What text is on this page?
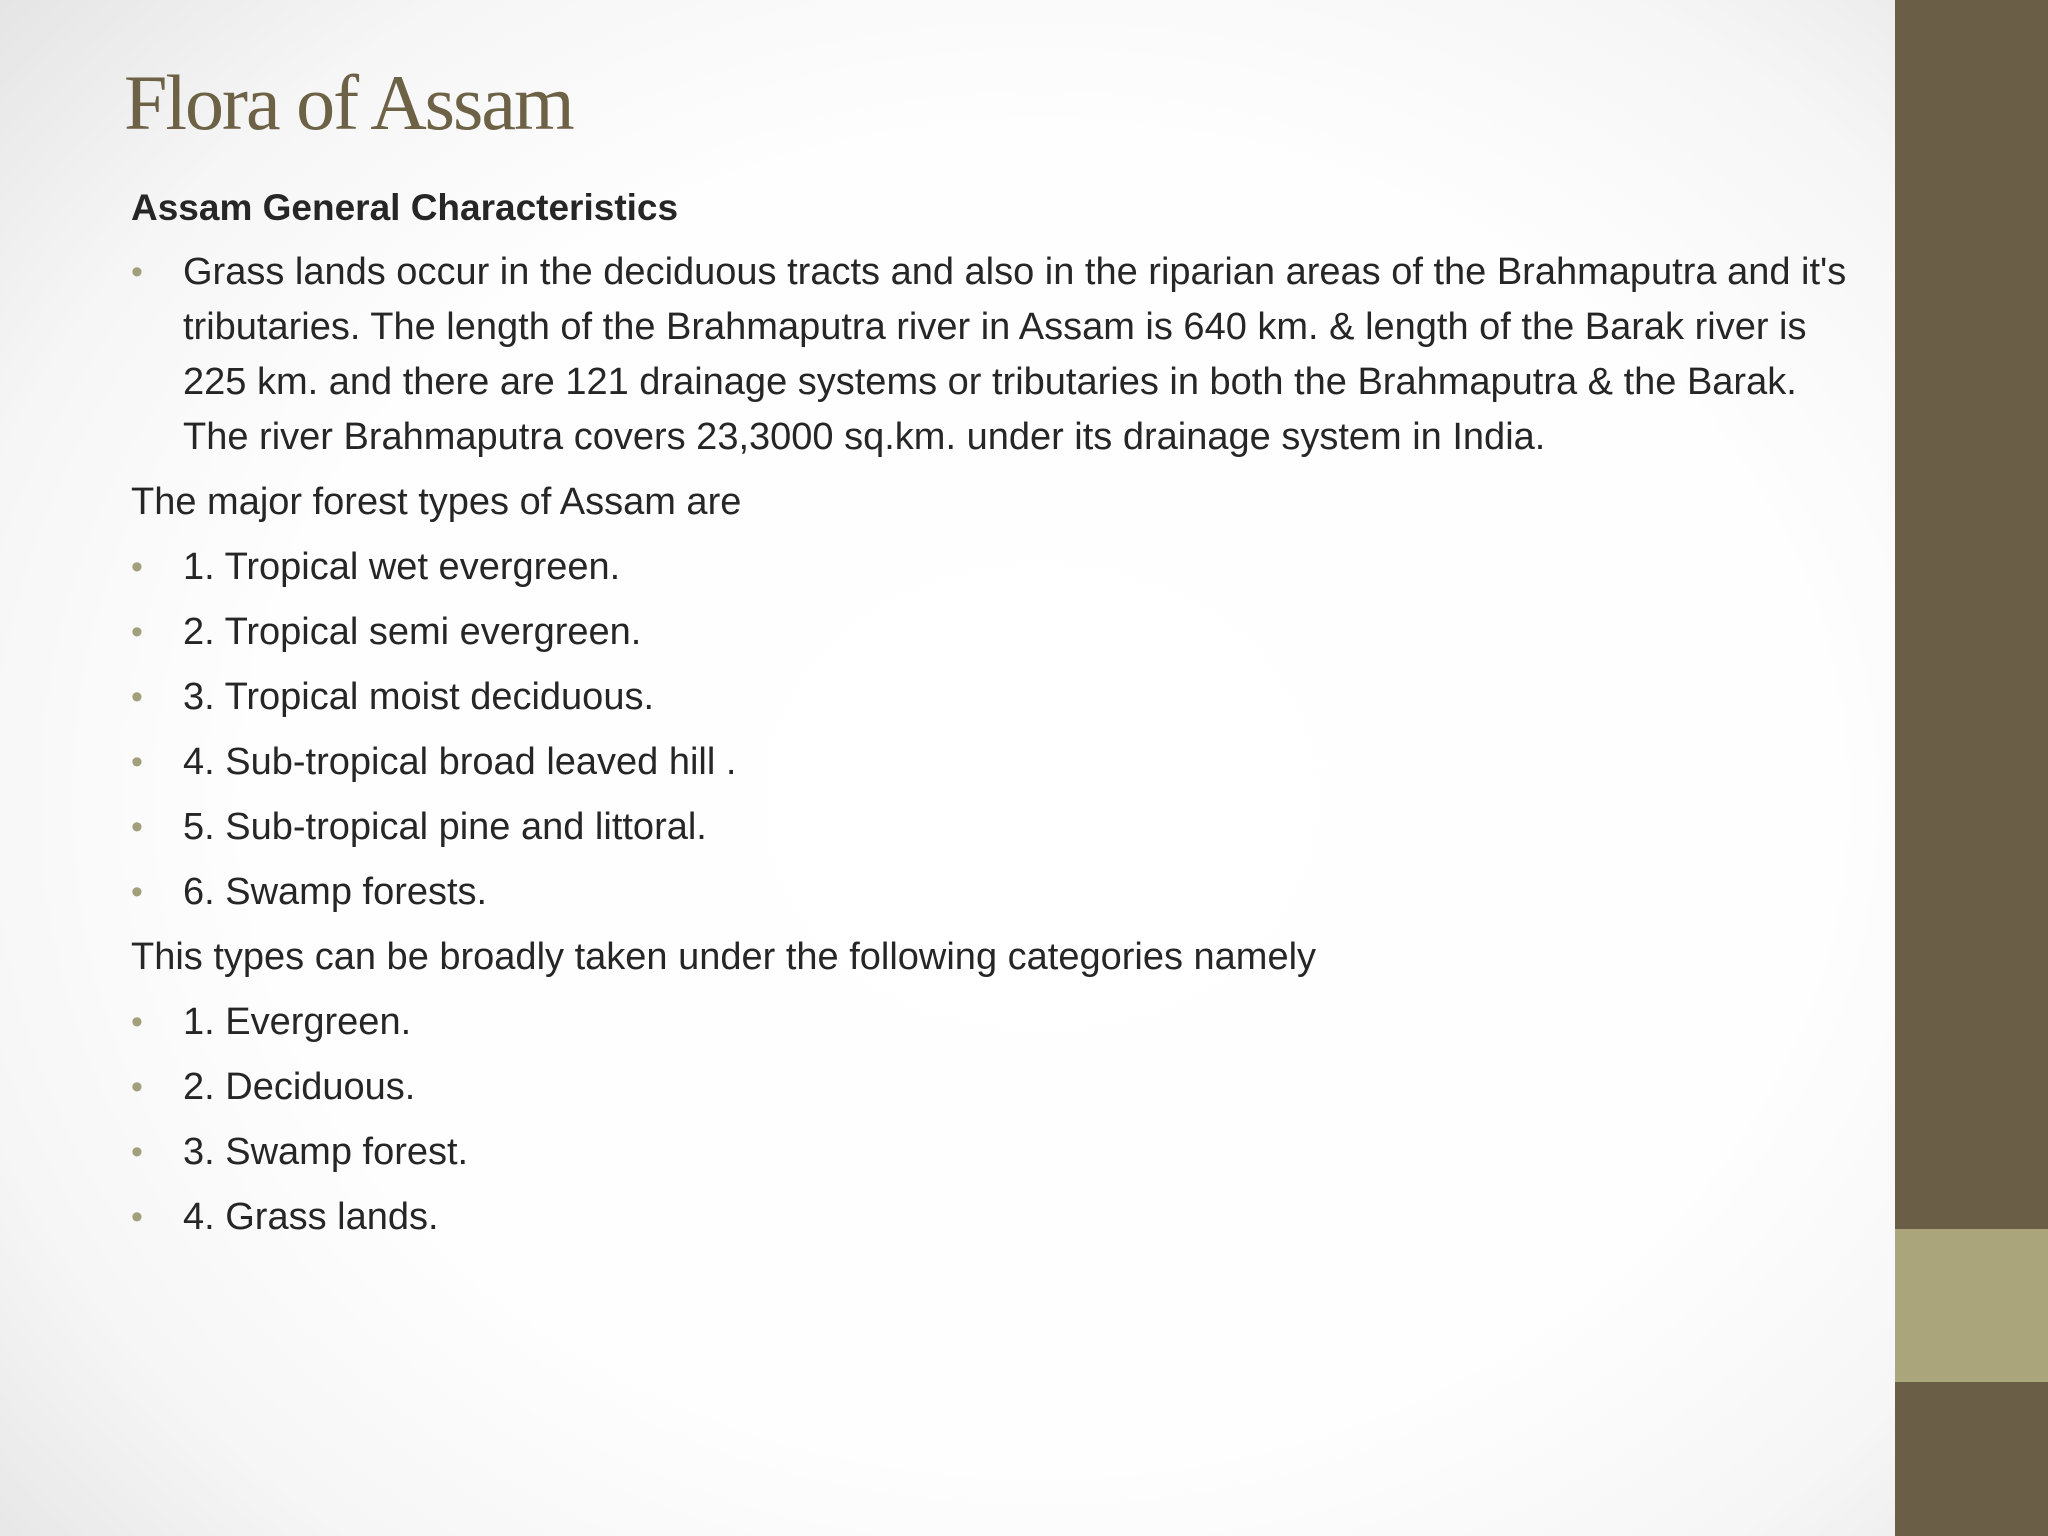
Flora of Assam
Assam General Characteristics
• Grass lands occur in the deciduous tracts and also in the riparian areas of the Brahmaputra and it's tributaries. The length of the Brahmaputra river in Assam is 640 km. & length of the Barak river is 225 km. and there are 121 drainage systems or tributaries in both the Brahmaputra & the Barak. The river Brahmaputra covers 23,3000 sq.km. under its drainage system in India.
The major forest types of Assam are
• 1. Tropical wet evergreen.
• 2. Tropical semi evergreen.
• 3. Tropical moist deciduous.
• 4. Sub-tropical broad leaved hill .
• 5. Sub-tropical pine and littoral.
• 6. Swamp forests.
This types can be broadly taken under the following categories namely
• 1. Evergreen.
• 2. Deciduous.
• 3. Swamp forest.
• 4. Grass lands.
